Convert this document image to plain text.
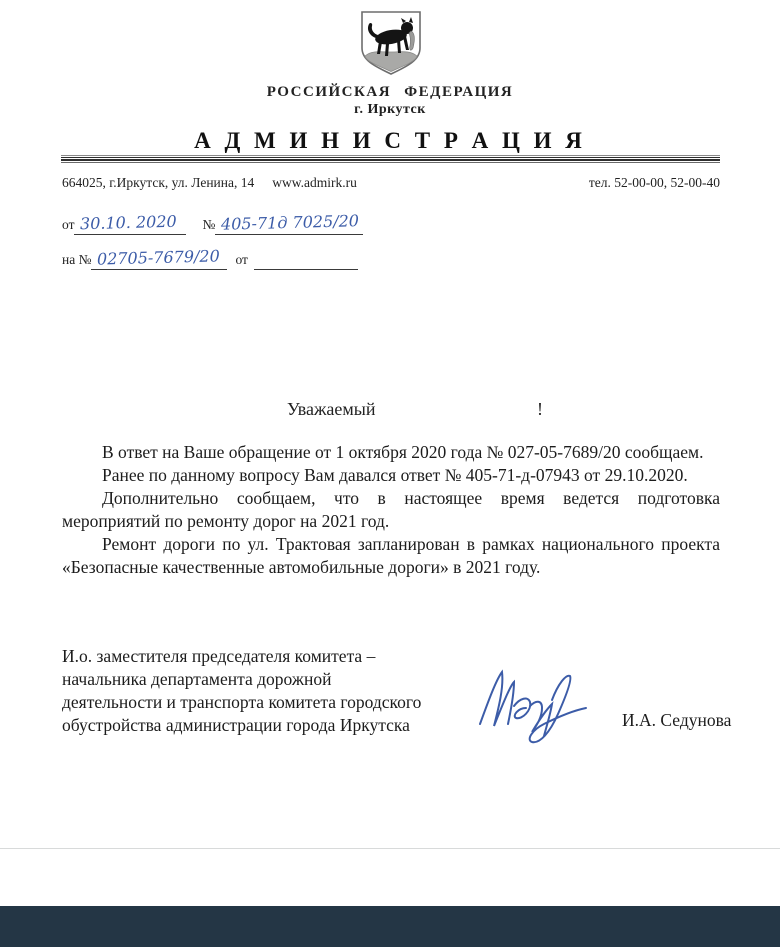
РОССИЙСКАЯ ФЕДЕРАЦИЯ
г. Иркутск
А Д М И Н И С Т Р А Ц И Я
664025, г.Иркутск, ул. Ленина, 14 www.admirk.ru	тел. 52-00-00, 52-00-40
от 30.10. 2020	№ 405-71д 7025/20
на № 02705-7679/20	от
Уважаемый	!

В ответ на Ваше обращение от 1 октября 2020 года № 027-05-7689/20 сообщаем.

Ранее по данному вопросу Вам давался ответ № 405-71-д-07943 от 29.10.2020.

Дополнительно сообщаем, что в настоящее время ведется подготовка мероприятий по ремонту дорог на 2021 год.

Ремонт дороги по ул. Трактовая запланирован в рамках национального проекта «Безопасные качественные автомобильные дороги» в 2021 году.

И.о. заместителя председателя комитета –
начальника департамента дорожной
деятельности и транспорта комитета городского
обустройства администрации города Иркутска	И.А. Седунова
